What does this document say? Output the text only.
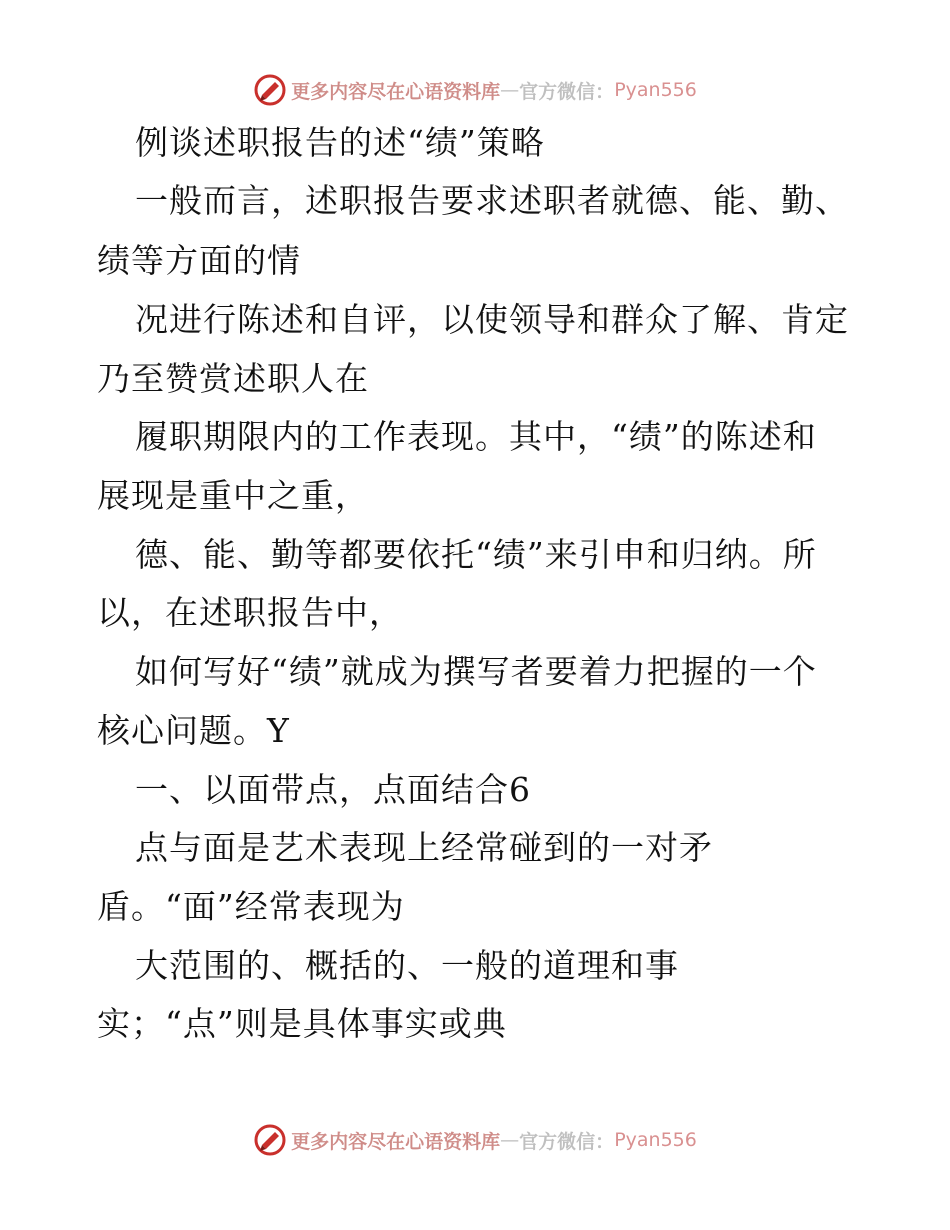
更多内容尽在心语资料库 — 官方微信： Pyan556
例谈述职报告的述“绩”策略
一般而言，述职报告要求述职者就德、能、勤、
绩等方面的情
况进行陈述和自评，以使领导和群众了解、肯定
乃至赞赏述职人在
履职期限内的工作表现。其中，“绩”的陈述和
展现是重中之重，
德、能、勤等都要依托“绩”来引申和归纳。所
以，在述职报告中，
如何写好“绩”就成为撰写者要着力把握的一个
核心问题。Y
一、以面带点，点面结合6
点与面是艺术表现上经常碰到的一对矛
盾。“面”经常表现为
大范围的、概括的、一般的道理和事
实；“点”则是具体事实或典
更多内容尽在心语资料库 — 官方微信： Pyan556
